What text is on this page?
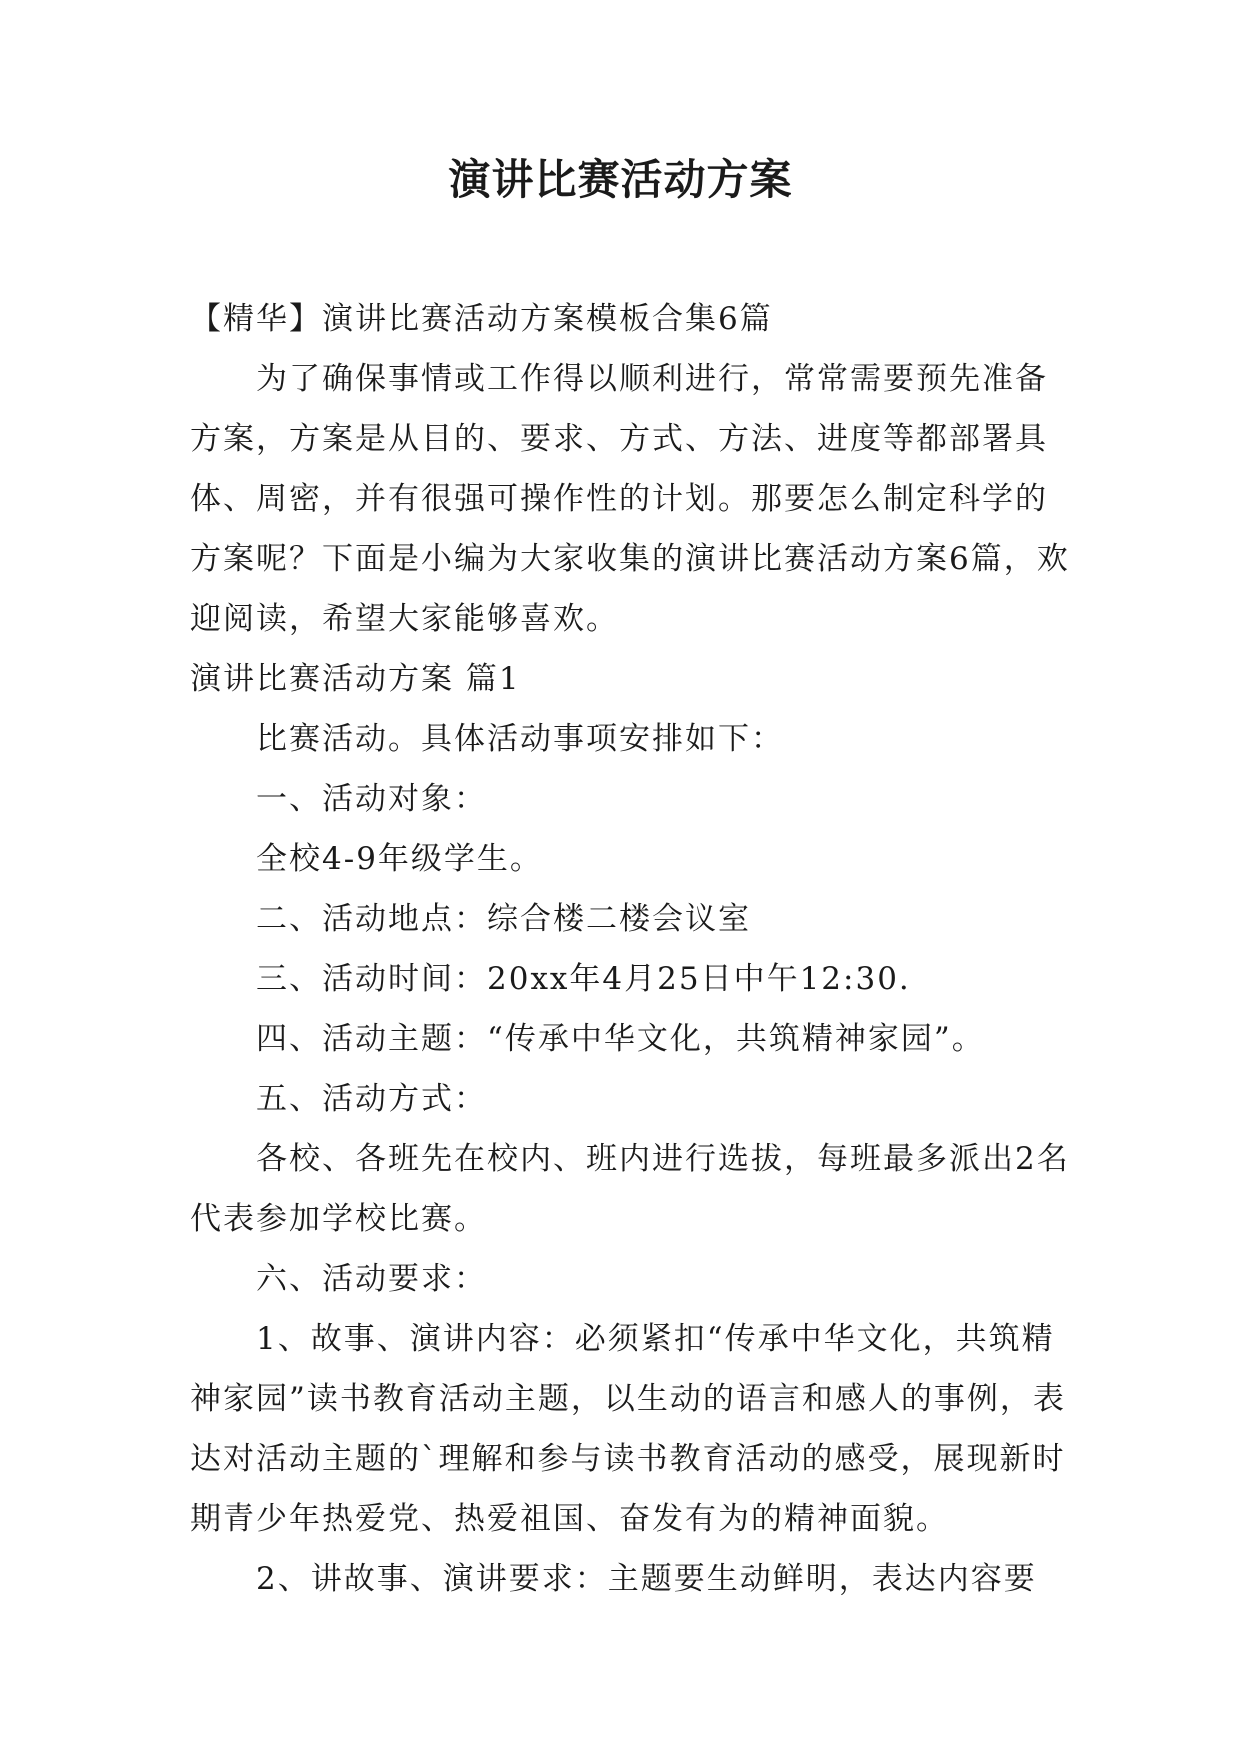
演讲比赛活动方案

【精华】演讲比赛活动方案模板合集6篇

为了确保事情或工作得以顺利进行，常常需要预先准备方案，方案是从目的、要求、方式、方法、进度等都部署具体、周密，并有很强可操作性的计划。那要怎么制定科学的方案呢？下面是小编为大家收集的演讲比赛活动方案6篇，欢迎阅读，希望大家能够喜欢。

演讲比赛活动方案 篇1

比赛活动。具体活动事项安排如下：

一、活动对象：

全校4-9年级学生。

二、活动地点：综合楼二楼会议室

三、活动时间：20xx年4月25日中午12:30.

四、活动主题：“传承中华文化，共筑精神家园”。

五、活动方式：

各校、各班先在校内、班内进行选拔，每班最多派出2名代表参加学校比赛。

六、活动要求：

1、故事、演讲内容：必须紧扣“传承中华文化，共筑精神家园”读书教育活动主题，以生动的语言和感人的事例，表达对活动主题的`理解和参与读书教育活动的感受，展现新时期青少年热爱党、热爱祖国、奋发有为的精神面貌。

2、讲故事、演讲要求：主题要生动鲜明，表达内容要
